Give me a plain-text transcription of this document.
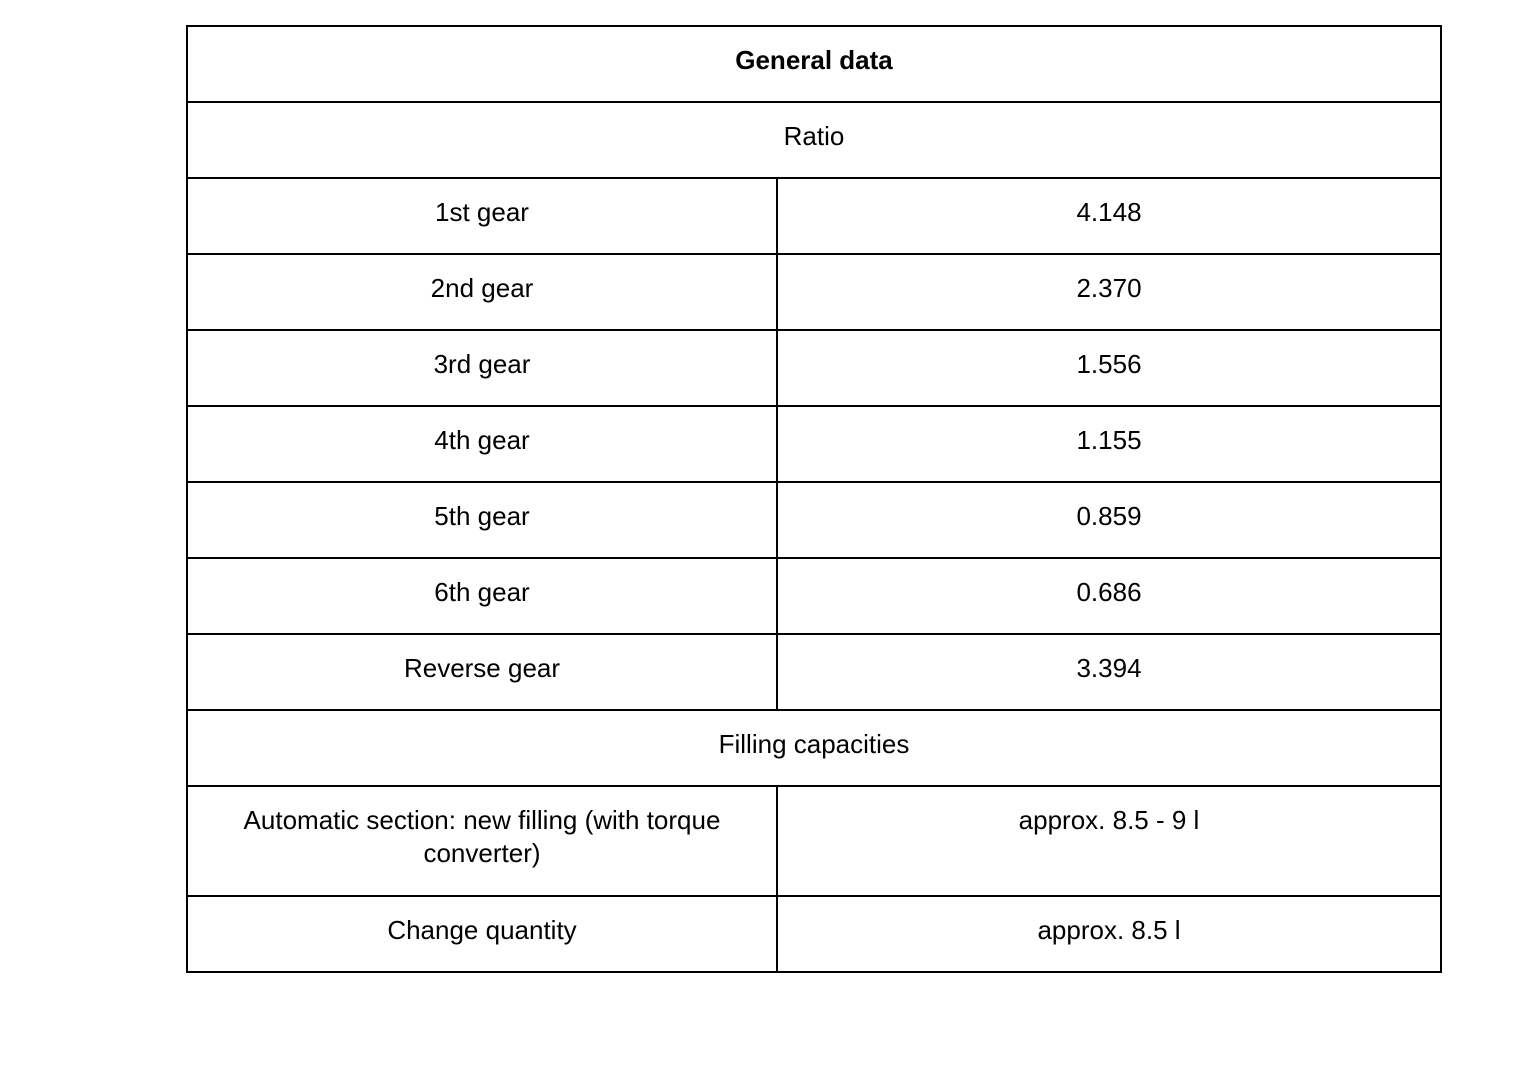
General data	
Ratio	
1st gear	4.148
2nd gear	2.370
3rd gear	1.556
4th gear	1.155
5th gear	0.859
6th gear	0.686
Reverse gear	3.394
Filling capacities	
Automatic section: new filling (with torque converter)	approx. 8.5 - 9 l
Change quantity	approx. 8.5 l
